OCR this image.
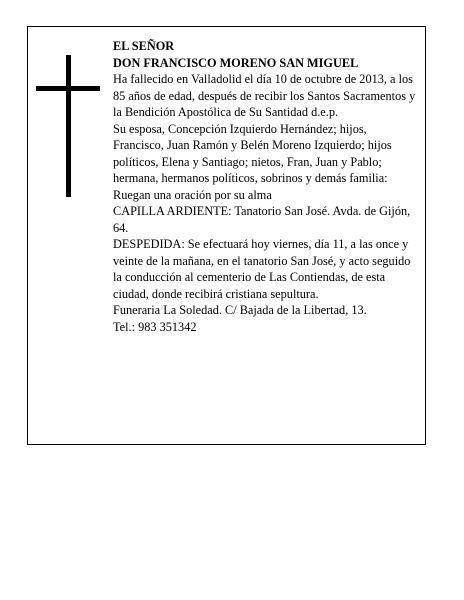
EL SEÑOR

DON FRANCISCO MORENO SAN MIGUEL

Ha fallecido en Valladolid el día 10 de octubre de 2013, a los 85 años de edad, después de recibir los Santos Sacramentos y la Bendición Apostólica de Su Santidad d.e.p.

Su esposa, Concepción Izquierdo Hernández; hijos, Francisco, Juan Ramón y Belén Moreno Izquierdo; hijos políticos, Elena y Santiago; nietos, Fran, Juan y Pablo; hermana, hermanos políticos, sobrinos y demás familia:

Ruegan una oración por su alma

CAPILLA ARDIENTE: Tanatorio San José. Avda. de Gijón, 64.

DESPEDIDA: Se efectuará hoy viernes, día 11, a las once y veinte de la mañana, en el tanatorio San José, y acto seguido la conducción al cementerio de Las Contiendas, de esta ciudad, donde recibirá cristiana sepultura.

Funeraria La Soledad. C/ Bajada de la Libertad, 13.

Tel.: 983 351342
